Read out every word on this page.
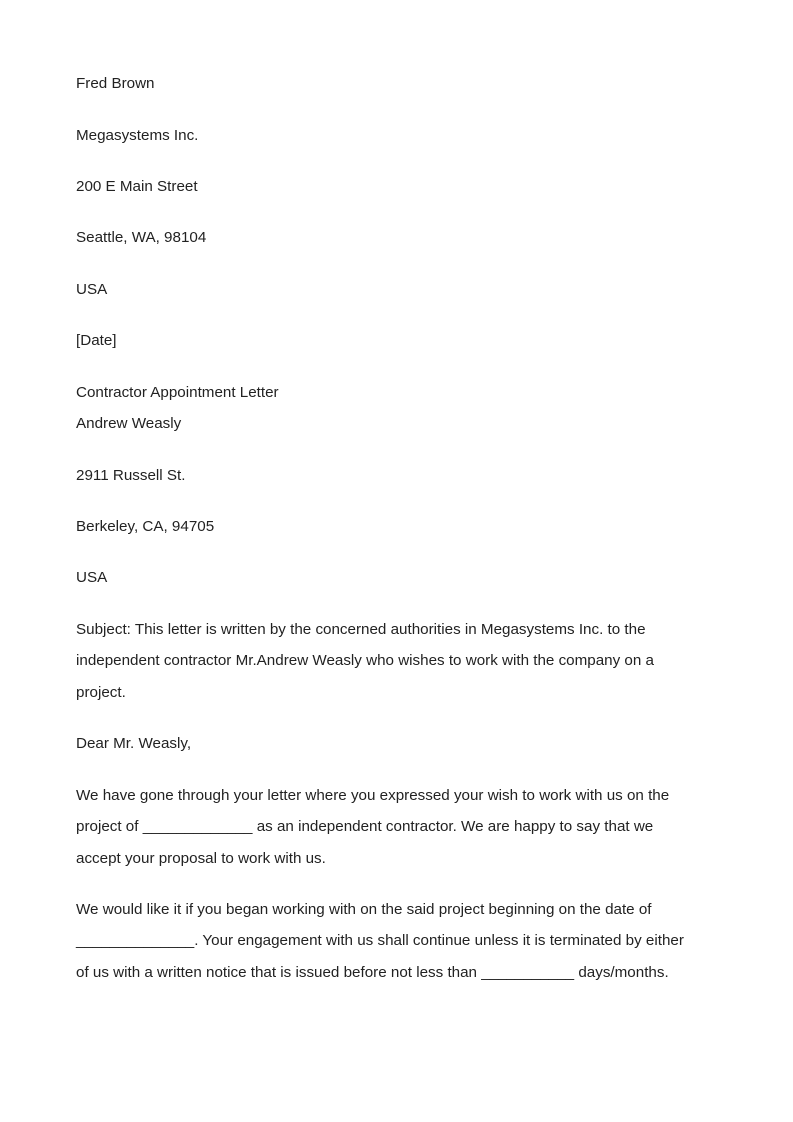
Fred Brown
Megasystems Inc.
200 E Main Street
Seattle, WA, 98104
USA
[Date]
Contractor Appointment Letter
Andrew Weasly
2911 Russell St.
Berkeley, CA, 94705
USA
Subject: This letter is written by the concerned authorities in Megasystems Inc. to the
independent contractor Mr.Andrew Weasly who wishes to work with the company on a
project.
Dear Mr. Weasly,
We have gone through your letter where you expressed your wish to work with us on the
project of _____________ as an independent contractor. We are happy to say that we
accept your proposal to work with us.
We would like it if you began working with on the said project beginning on the date of
______________. Your engagement with us shall continue unless it is terminated by either
of us with a written notice that is issued before not less than ___________ days/months.
